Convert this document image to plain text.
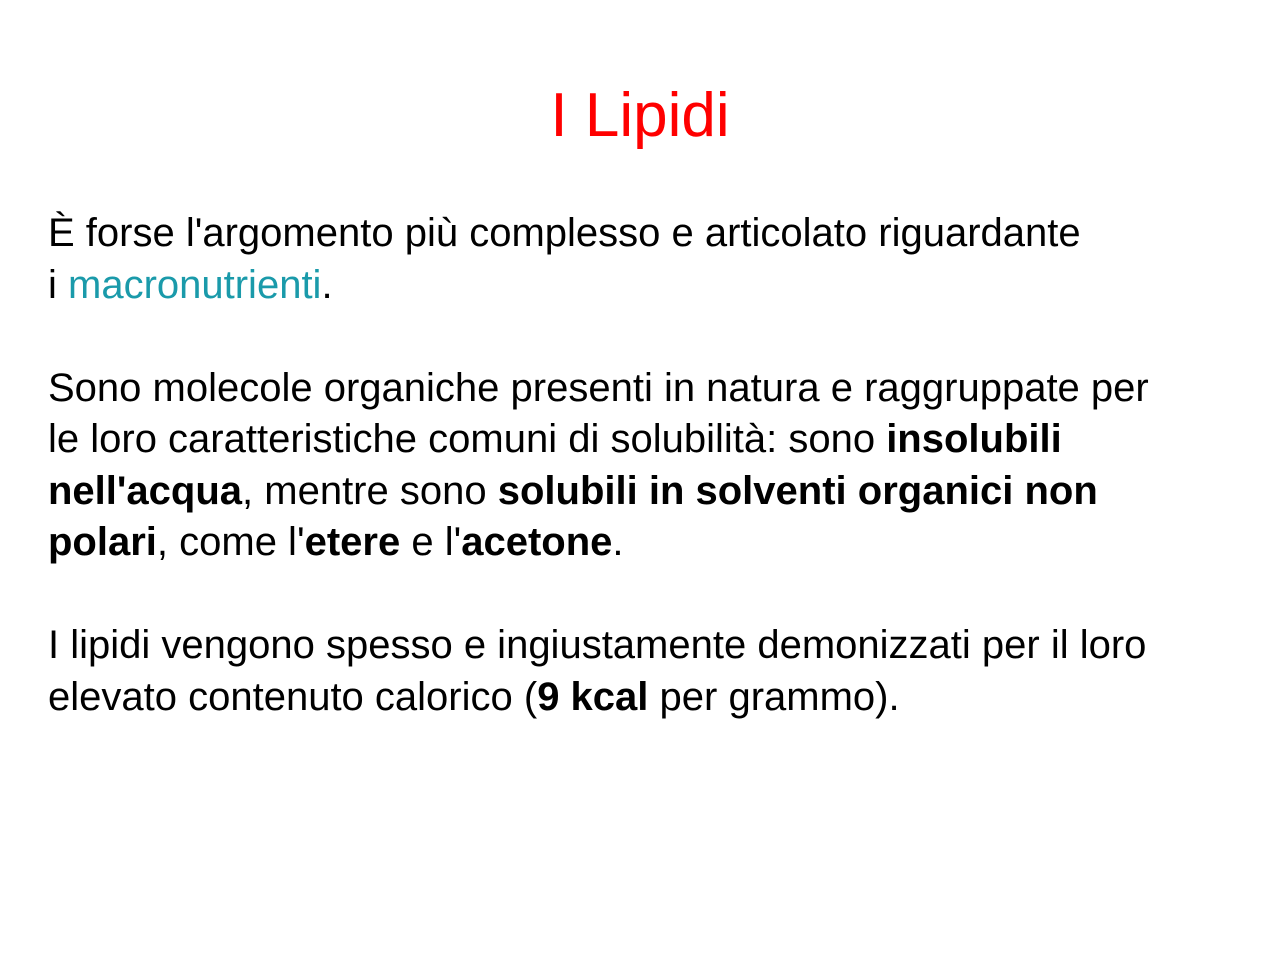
I Lipidi
È forse l'argomento più complesso e articolato riguardante
i macronutrienti.
Sono molecole organiche presenti in natura e raggruppate per
le loro caratteristiche comuni di solubilità: sono insolubili
nell'acqua, mentre sono solubili in solventi organici non
polari, come l'etere e l'acetone.
I lipidi vengono spesso e ingiustamente demonizzati per il loro
elevato contenuto calorico (9 kcal per grammo).
